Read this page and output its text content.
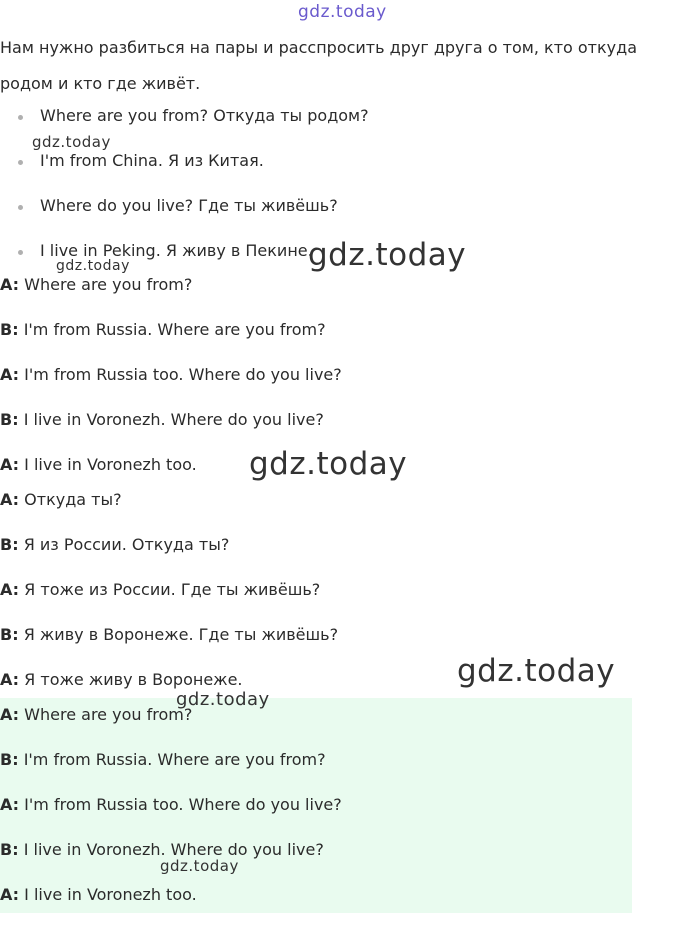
Нам нужно разбиться на пары и расспросить друг друга о том, кто откуда родом и кто где живёт.
Where are you from? Откуда ты родом?
I'm from China. Я из Китая.
Where do you live? Где ты живёшь?
I live in Peking. Я живу в Пекине.
A: Where are you from?
B: I'm from Russia. Where are you from?
A: I'm from Russia too. Where do you live?
B: I live in Voronezh. Where do you live?
A: I live in Voronezh too.
A: Откуда ты?
B: Я из России. Откуда ты?
A: Я тоже из России. Где ты живёшь?
B: Я живу в Воронеже. Где ты живёшь?
A: Я тоже живу в Воронеже.
A: Where are you from?
B: I'm from Russia. Where are you from?
A: I'm from Russia too. Where do you live?
B: I live in Voronezh. Where do you live?
A: I live in Voronezh too.
gdz.today
gdz.today
gdz.today	gdz.today
gdz.today
gdz.today
gdz.today
gdz.today
